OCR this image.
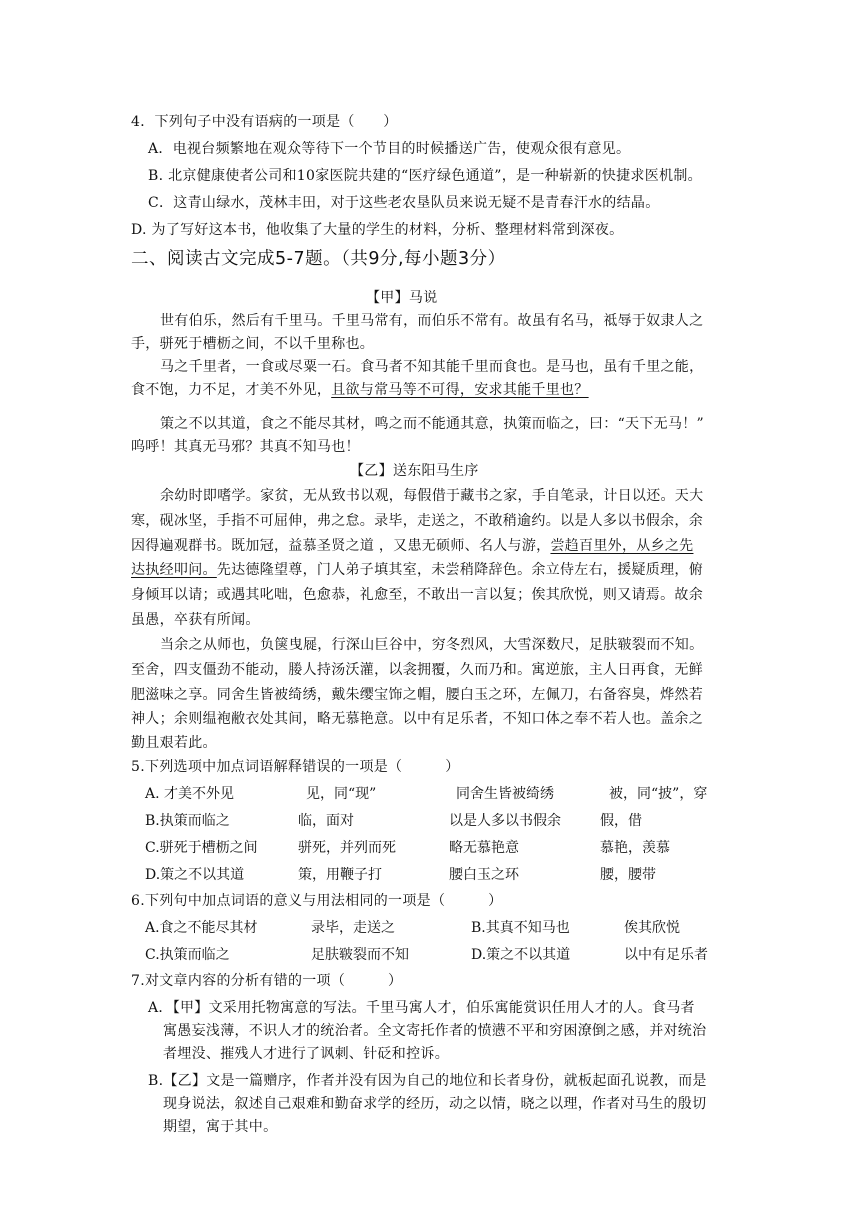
4．下列句子中没有语病的一项是（　　）
A．电视台频繁地在观众等待下一个节目的时候播送广告，使观众很有意见。
B. 北京健康使者公司和10家医院共建的“医疗绿色通道”，是一种崭新的快捷求医机制。
C．这青山绿水，茂林丰田，对于这些老农垦队员来说无疑不是青春汗水的结晶。
D. 为了写好这本书，他收集了大量的学生的材料，分析、整理材料常到深夜。
二、阅读古文完成5-7题。（共9分,每小题3分）
【甲】马说
世有伯乐，然后有千里马。千里马常有，而伯乐不常有。故虽有名马，祗辱于奴隶人之
手，骈死于槽枥之间，不以千里称也。
马之千里者，一食或尽粟一石。食马者不知其能千里而食也。是马也，虽有千里之能，
食不饱，力不足，才美不外见，且欲与常马等不可得，安求其能千里也？
策之不以其道，食之不能尽其材，鸣之而不能通其意，执策而临之，曰：“天下无马！”
呜呼！其真无马邪？其真不知马也！
【乙】送东阳马生序
余幼时即嗜学。家贫，无从致书以观，每假借于藏书之家，手自笔录，计日以还。天大
寒，砚冰坚，手指不可屈伸，弗之怠。录毕，走送之，不敢稍逾约。以是人多以书假余，余
因得遍观群书。既加冠，益慕圣贤之道 ，又患无硕师、名人与游，尝趋百里外，从乡之先
达执经叩问。先达德隆望尊，门人弟子填其室，未尝稍降辞色。余立侍左右，援疑质理，俯
身倾耳以请；或遇其叱咄，色愈恭，礼愈至，不敢出一言以复；俟其欣悦，则又请焉。故余
虽愚，卒获有所闻。
当余之从师也，负箧曳屣，行深山巨谷中，穷冬烈风，大雪深数尺，足肤皲裂而不知。
至舍，四支僵劲不能动，媵人持汤沃灌，以衾拥覆，久而乃和。寓逆旅，主人日再食，无鲜
肥滋味之享。同舍生皆被绮绣，戴朱缨宝饰之帽，腰白玉之环，左佩刀，右备容臭，烨然若
神人；余则缊袍敝衣处其间，略无慕艳意。以中有足乐者，不知口体之奉不若人也。盖余之
勤且艰若此。
5.下列选项中加点词语解释错误的一项是（　　　）
A. 才美不外见	见，同“现”	同舍生皆被绮绣	被，同“披”，穿
B.执策而临之	临，面对	以是人多以书假余	假，借
C.骈死于槽枥之间	骈死，并列而死	略无慕艳意	慕艳，羡慕
D.策之不以其道	策，用鞭子打	腰白玉之环	腰，腰带
6.下列句中加点词语的意义与用法相同的一项是（　　　）
A.食之不能尽其材	录毕，走送之	B.其真不知马也	俟其欣悦
C.执策而临之	足肤皲裂而不知	D.策之不以其道	以中有足乐者
7.对文章内容的分析有错的一项（　　　）
A．【甲】文采用托物寓意的写法。千里马寓人才，伯乐寓能赏识任用人才的人。食马者
寓愚妄浅薄，不识人才的统治者。全文寄托作者的愤懑不平和穷困潦倒之感，并对统治
者埋没、摧残人才进行了讽刺、针砭和控诉。
B.【乙】文是一篇赠序，作者并没有因为自己的地位和长者身份，就板起面孔说教，而是
现身说法，叙述自己艰难和勤奋求学的经历，动之以情，晓之以理，作者对马生的殷切
期望，寓于其中。
